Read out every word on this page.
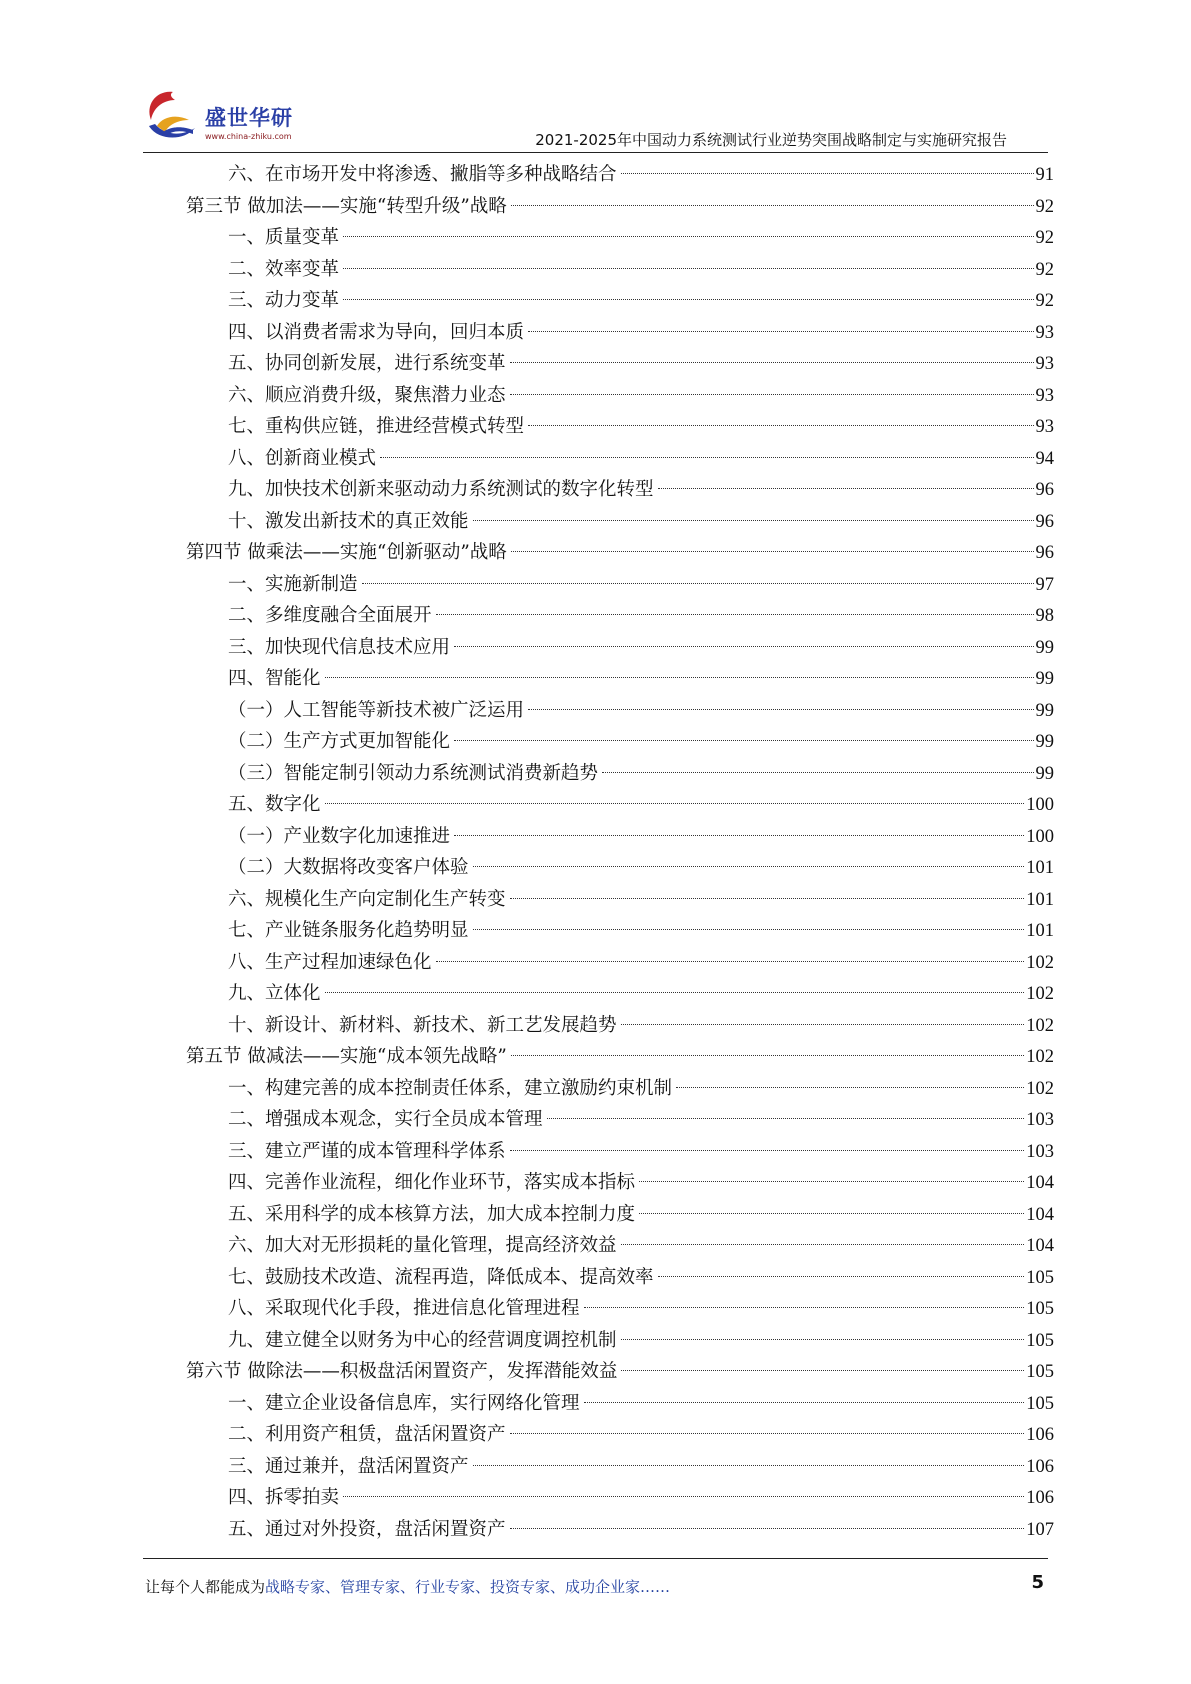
盛世华研
www.china-zhiku.com	2021-2025年中国动力系统测试行业逆势突围战略制定与实施研究报告
六、在市场开发中将渗透、撇脂等多种战略结合	91
第三节 做加法——实施“转型升级”战略	92
一、质量变革	92
二、效率变革	92
三、动力变革	92
四、以消费者需求为导向，回归本质	93
五、协同创新发展，进行系统变革	93
六、顺应消费升级，聚焦潜力业态	93
七、重构供应链，推进经营模式转型	93
八、创新商业模式	94
九、加快技术创新来驱动动力系统测试的数字化转型	96
十、激发出新技术的真正效能	96
第四节 做乘法——实施“创新驱动”战略	96
一、实施新制造	97
二、多维度融合全面展开	98
三、加快现代信息技术应用	99
四、智能化	99
（一）人工智能等新技术被广泛运用	99
（二）生产方式更加智能化	99
（三）智能定制引领动力系统测试消费新趋势	99
五、数字化	100
（一）产业数字化加速推进	100
（二）大数据将改变客户体验	101
六、规模化生产向定制化生产转变	101
七、产业链条服务化趋势明显	101
八、生产过程加速绿色化	102
九、立体化	102
十、新设计、新材料、新技术、新工艺发展趋势	102
第五节 做减法——实施“成本领先战略”	102
一、构建完善的成本控制责任体系，建立激励约束机制	102
二、增强成本观念，实行全员成本管理	103
三、建立严谨的成本管理科学体系	103
四、完善作业流程，细化作业环节，落实成本指标	104
五、采用科学的成本核算方法，加大成本控制力度	104
六、加大对无形损耗的量化管理，提高经济效益	104
七、鼓励技术改造、流程再造，降低成本、提高效率	105
八、采取现代化手段，推进信息化管理进程	105
九、建立健全以财务为中心的经营调度调控机制	105
第六节 做除法——积极盘活闲置资产，发挥潜能效益	105
一、建立企业设备信息库，实行网络化管理	105
二、利用资产租赁，盘活闲置资产	106
三、通过兼并，盘活闲置资产	106
四、拆零拍卖	106
五、通过对外投资，盘活闲置资产	107
让每个人都能成为战略专家、管理专家、行业专家、投资专家、成功企业家……	5
